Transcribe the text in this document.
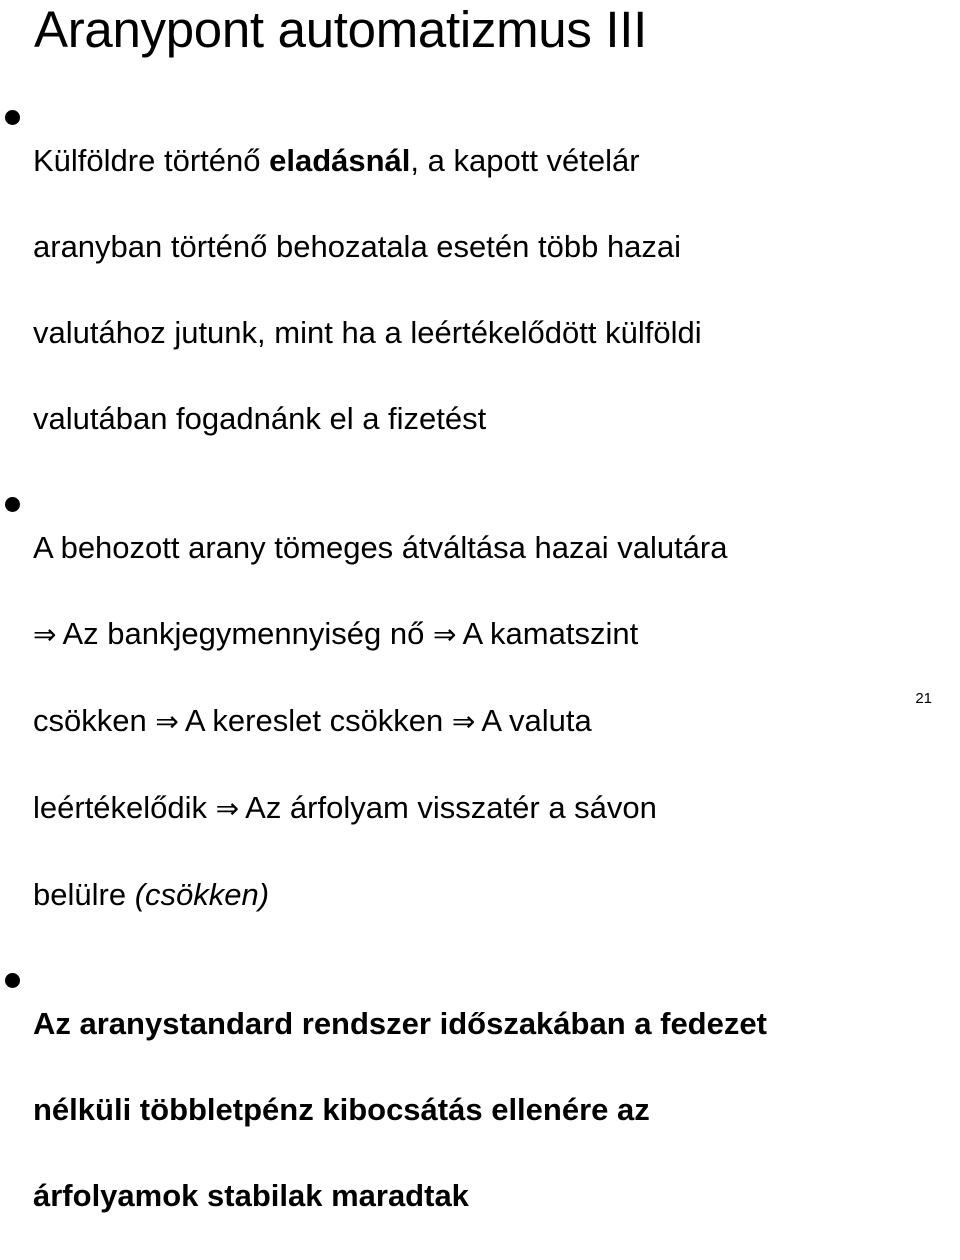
Aranypont automatizmus III

Külföldre történő eladásnál, a kapott vételár

aranyban történő behozatala esetén több hazai

valutához jutunk, mint ha a leértékelődött külföldi

valutában fogadnánk el a fizetést

A behozott arany tömeges átváltása hazai valutára

⇒ Az bankjegymennyiség nő ⇒ A kamatszint

csökken ⇒ A kereslet csökken ⇒ A valuta

leértékelődik ⇒ Az árfolyam visszatér a sávon

belülre (csökken)

Az aranystandard rendszer időszakában a fedezet

nélküli többletpénz kibocsátás ellenére az

árfolyamok stabilak maradtak

21
